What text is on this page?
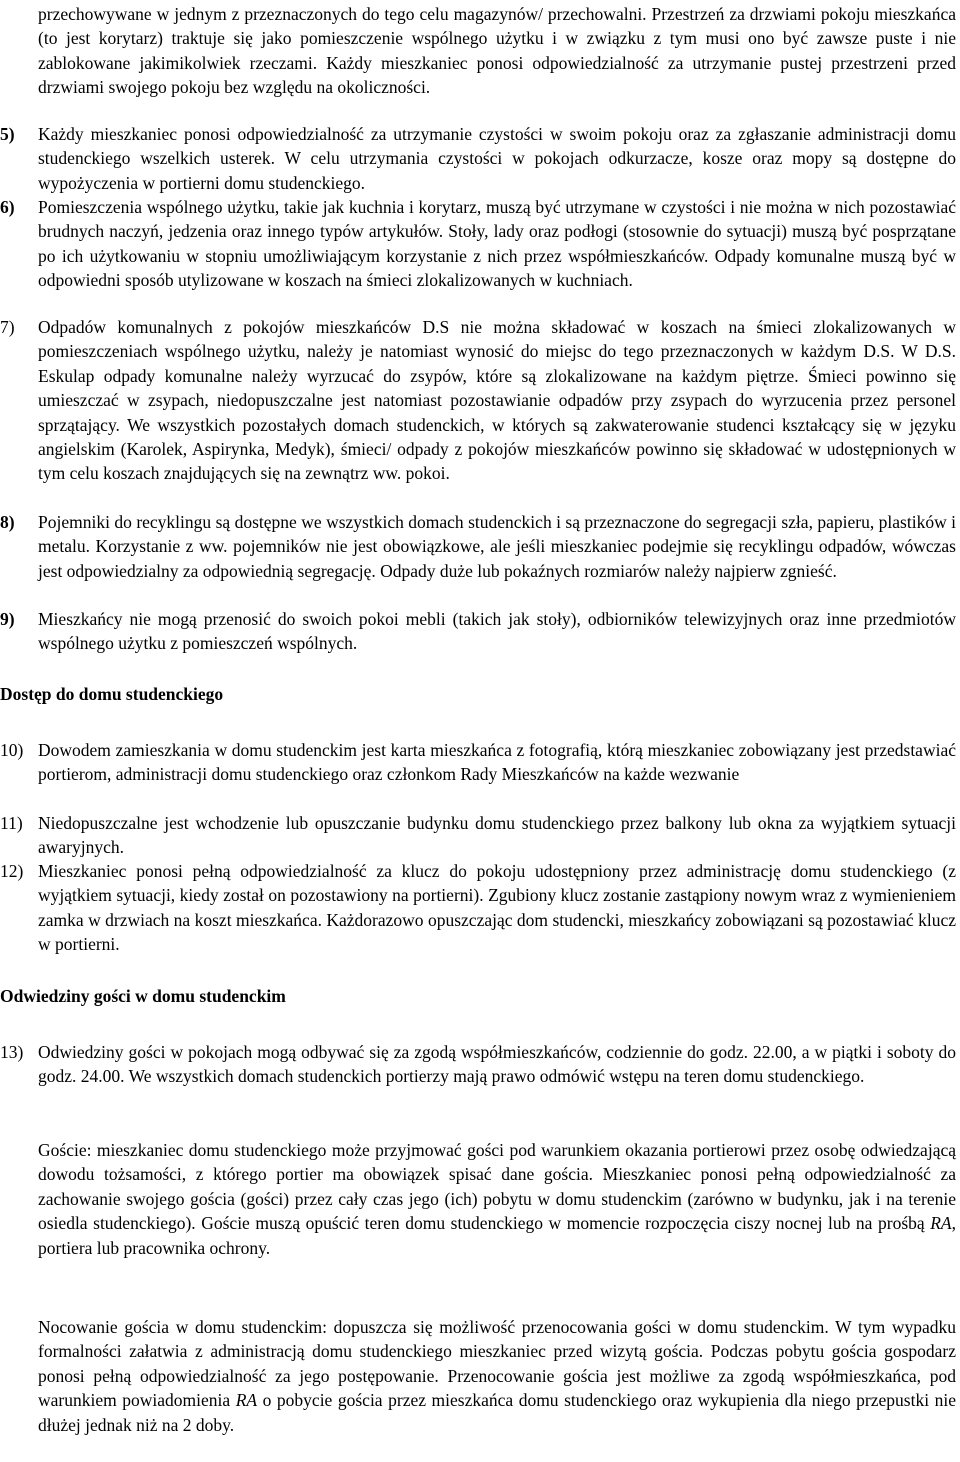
przechowywane w jednym z przeznaczonych do tego celu magazynów/ przechowalni. Przestrzeń za drzwiami pokoju mieszkańca (to jest korytarz) traktuje się jako pomieszczenie wspólnego użytku i w związku z tym musi ono być zawsze puste i nie zablokowane jakimikolwiek rzeczami. Każdy mieszkaniec ponosi odpowiedzialność za utrzymanie pustej przestrzeni przed drzwiami swojego pokoju bez względu na okoliczności.
5) Każdy mieszkaniec ponosi odpowiedzialność za utrzymanie czystości w swoim pokoju oraz za zgłaszanie administracji domu studenckiego wszelkich usterek. W celu utrzymania czystości w pokojach odkurzacze, kosze oraz mopy są dostępne do wypożyczenia w portierni domu studenckiego.
6) Pomieszczenia wspólnego użytku, takie jak kuchnia i korytarz, muszą być utrzymane w czystości i nie można w nich pozostawiać brudnych naczyń, jedzenia oraz innego typów artykułów. Stoły, lady oraz podłogi (stosownie do sytuacji) muszą być posprzątane po ich użytkowaniu w stopniu umożliwiającym korzystanie z nich przez współmieszkańców. Odpady komunalne muszą być w odpowiedni sposób utylizowane w koszach na śmieci zlokalizowanych w kuchniach.
7) Odpadów komunalnych z pokojów mieszkańców D.S nie można składować w koszach na śmieci zlokalizowanych w pomieszczeniach wspólnego użytku, należy je natomiast wynosić do miejsc do tego przeznaczonych w każdym D.S. W D.S. Eskulap odpady komunalne należy wyrzucać do zsypów, które są zlokalizowane na każdym piętrze. Śmieci powinno się umieszczać w zsypach, niedopuszczalne jest natomiast pozostawianie odpadów przy zsypach do wyrzucenia przez personel sprzątający. We wszystkich pozostałych domach studenckich, w których są zakwaterowanie studenci kształcący się w języku angielskim (Karolek, Aspirynka, Medyk), śmieci/ odpady z pokojów mieszkańców powinno się składować w udostępnionych w tym celu koszach znajdujących się na zewnątrz ww. pokoi.
8) Pojemniki do recyklingu są dostępne we wszystkich domach studenckich i są przeznaczone do segregacji szła, papieru, plastików i metalu. Korzystanie z ww. pojemników nie jest obowiązkowe, ale jeśli mieszkaniec podejmie się recyklingu odpadów, wówczas jest odpowiedzialny za odpowiednią segregację. Odpady duże lub pokaźnych rozmiarów należy najpierw zgnieść.
9) Mieszkańcy nie mogą przenosić do swoich pokoi mebli (takich jak stoły), odbiorników telewizyjnych oraz inne przedmiotów wspólnego użytku z pomieszczeń wspólnych.
Dostęp do domu studenckiego
10) Dowodem zamieszkania w domu studenckim jest karta mieszkańca z fotografią, którą mieszkaniec zobowiązany jest przedstawiać portierom, administracji domu studenckiego oraz członkom Rady Mieszkańców na każde wezwanie
11) Niedopuszczalne jest wchodzenie lub opuszczanie budynku domu studenckiego przez balkony lub okna za wyjątkiem sytuacji awaryjnych.
12) Mieszkaniec ponosi pełną odpowiedzialność za klucz do pokoju udostępniony przez administrację domu studenckiego (z wyjątkiem sytuacji, kiedy został on pozostawiony na portierni). Zgubiony klucz zostanie zastąpiony nowym wraz z wymienieniem zamka w drzwiach na koszt mieszkańca. Każdorazowo opuszczając dom studencki, mieszkańcy zobowiązani są pozostawiać klucz w portierni.
Odwiedziny gości w domu studenckim
13) Odwiedziny gości w pokojach mogą odbywać się za zgodą współmieszkańców, codziennie do godz. 22.00, a w piątki i soboty do godz. 24.00. We wszystkich domach studenckich portierzy mają prawo odmówić wstępu na teren domu studenckiego.
Goście: mieszkaniec domu studenckiego może przyjmować gości pod warunkiem okazania portierowi przez osobę odwiedzającą dowodu tożsamości, z którego portier ma obowiązek spisać dane gościa. Mieszkaniec ponosi pełną odpowiedzialność za zachowanie swojego gościa (gości) przez cały czas jego (ich) pobytu w domu studenckim (zarówno w budynku, jak i na terenie osiedla studenckiego). Goście muszą opuścić teren domu studenckiego w momencie rozpoczęcia ciszy nocnej lub na prośbą RA, portiera lub pracownika ochrony.
Nocowanie gościa w domu studenckim: dopuszcza się możliwość przenocowania gości w domu studenckim. W tym wypadku formalności załatwia z administracją domu studenckiego mieszkaniec przed wizytą gościa. Podczas pobytu gościa gospodarz ponosi pełną odpowiedzialność za jego postępowanie. Przenocowanie gościa jest możliwe za zgodą współmieszkańca, pod warunkiem powiadomienia RA o pobycie gościa przez mieszkańca domu studenckiego oraz wykupienia dla niego przepustki nie dłużej jednak niż na 2 doby.
